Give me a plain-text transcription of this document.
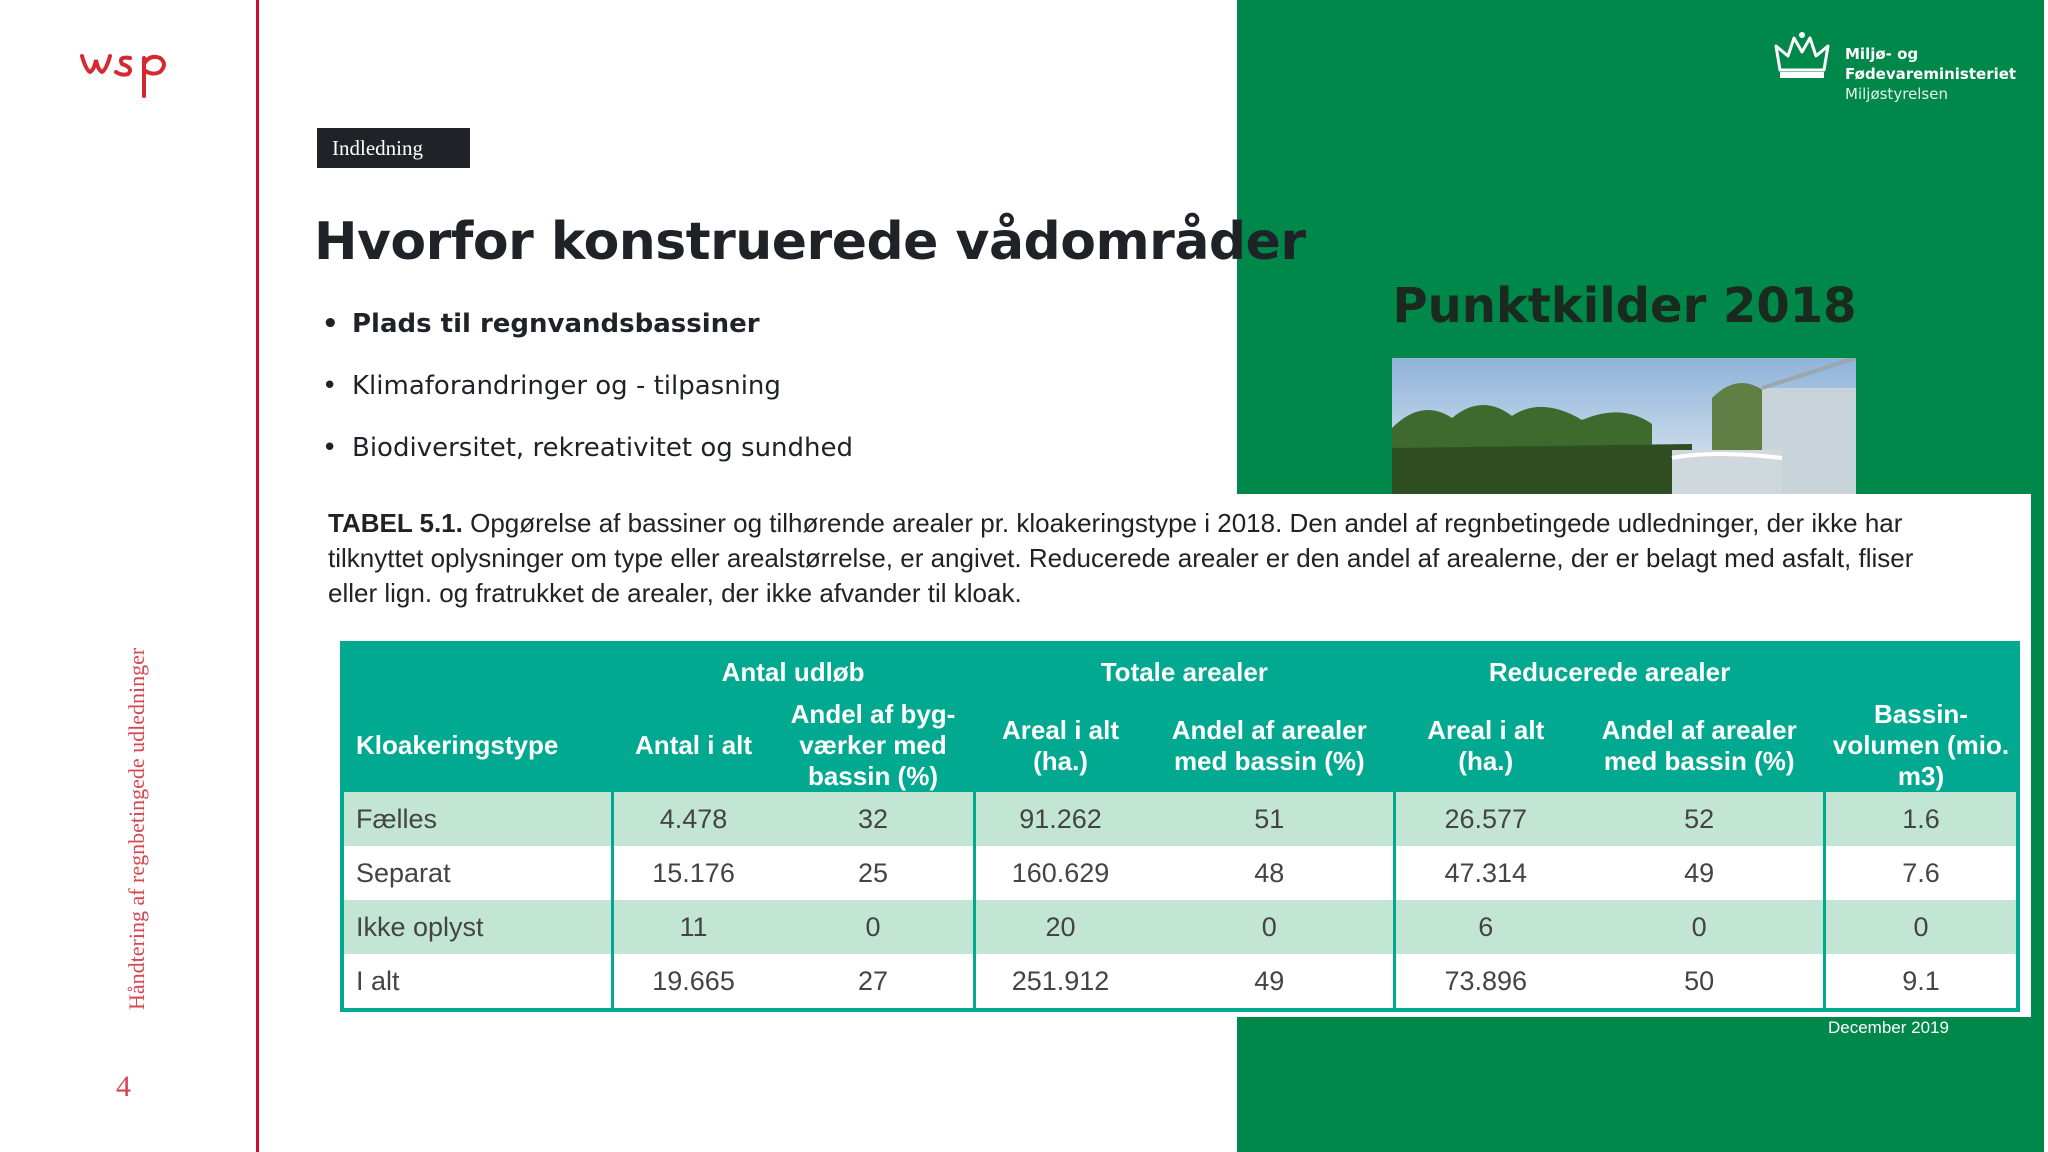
Håndtering af regnbetingede udledninger
4
Miljø- og
Fødevareministeriet
Miljøstyrelsen
Punktkilder 2018
December 2019
Indledning
Hvorfor konstruerede vådområder
• Plads til regnvandsbassiner
• Klimaforandringer og - tilpasning
• Biodiversitet, rekreativitet og sundhed
TABEL 5.1. Opgørelse af bassiner og tilhørende arealer pr. kloakeringstype i 2018. Den andel af regnbetingede udledninger, der ikke har tilknyttet oplysninger om type eller arealstørrelse, er angivet. Reducerede arealer er den andel af arealerne, der er belagt med asfalt, fliser eller lign. og fratrukket de arealer, der ikke afvander til kloak.
	Antal udløb		Totale arealer		Reducerede arealer		
Kloakeringstype	Antal i alt	Andel af byg-værker med bassin (%)	Areal i alt (ha.)	Andel af arealer med bassin (%)	Areal i alt (ha.)	Andel af arealer med bassin (%)	Bassin-volumen (mio. m3)
Fælles	4.478	32	91.262	51	26.577	52	1.6
Separat	15.176	25	160.629	48	47.314	49	7.6
Ikke oplyst	11	0	20	0	6	0	0
I alt	19.665	27	251.912	49	73.896	50	9.1
